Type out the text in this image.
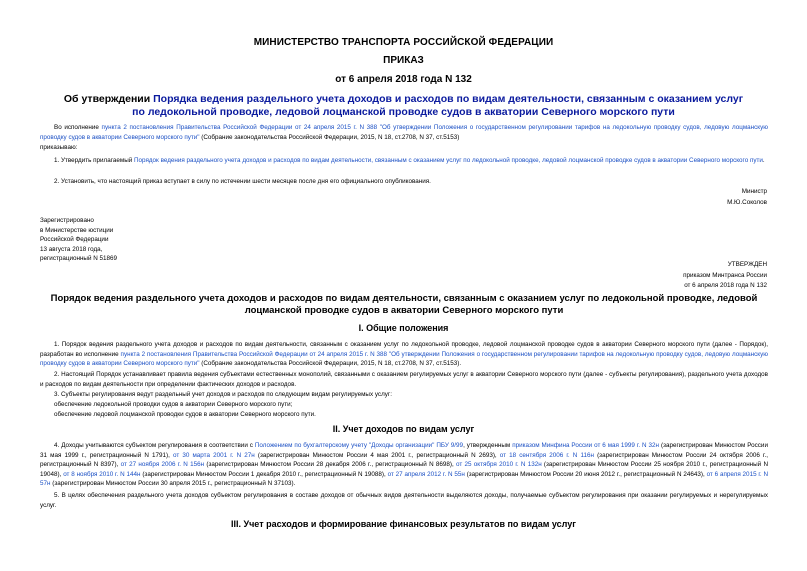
МИНИСТЕРСТВО ТРАНСПОРТА РОССИЙСКОЙ ФЕДЕРАЦИИ
ПРИКАЗ
от 6 апреля 2018 года N 132
Об утверждении Порядка ведения раздельного учета доходов и расходов по видам деятельности, связанным с оказанием услуг по ледокольной проводке, ледовой лоцманской проводке судов в акватории Северного морского пути
Во исполнение пункта 2 постановления Правительства Российской Федерации от 24 апреля 2015 г. N 388 "Об утверждении Положения о государственном регулировании тарифов на ледокольную проводку судов, ледовую лоцманскую проводку судов в акватории Северного морского пути" (Собрание законодательства Российской Федерации, 2015, N 18, ст.2708, N 37, ст.5153)
приказываю:
1. Утвердить прилагаемый Порядок ведения раздельного учета доходов и расходов по видам деятельности, связанным с оказанием услуг по ледокольной проводке, ледовой лоцманской проводке судов в акватории Северного морского пути.
2. Установить, что настоящий приказ вступает в силу по истечении шести месяцев после дня его официального опубликования.
Министр
М.Ю.Соколов
Зарегистрировано
в Министерстве юстиции
Российской Федерации
13 августа 2018 года,
регистрационный N 51869
УТВЕРЖДЕН
приказом Минтранса России
от 6 апреля 2018 года N 132
Порядок ведения раздельного учета доходов и расходов по видам деятельности, связанным с оказанием услуг по ледокольной проводке, ледовой лоцманской проводке судов в акватории Северного морского пути
I. Общие положения
1. Порядок ведения раздельного учета доходов и расходов по видам деятельности, связанным с оказанием услуг по ледокольной проводке, ледовой лоцманской проводке судов в акватории Северного морского пути (далее - Порядок), разработан во исполнение пункта 2 постановления Правительства Российской Федерации от 24 апреля 2015 г. N 388 "Об утверждении Положения о государственном регулировании тарифов на ледокольную проводку судов, ледовую лоцманскую проводку судов в акватории Северного морского пути" (Собрание законодательства Российской Федерации, 2015, N 18, ст.2708, N 37, ст.5153).
2. Настоящий Порядок устанавливает правила ведения субъектами естественных монополий, связанными с оказанием регулируемых услуг в акватории Северного морского пути (далее - субъекты регулирования), раздельного учета доходов и расходов по видам деятельности при определении фактических доходов и расходов.
3. Субъекты регулирования ведут раздельный учет доходов и расходов по следующим видам регулируемых услуг:
обеспечение ледокольной проводки судов в акватории Северного морского пути;
обеспечение ледовой лоцманской проводки судов в акватории Северного морского пути.
II. Учет доходов по видам услуг
4. Доходы учитываются субъектом регулирования в соответствии с Положением по бухгалтерскому учету "Доходы организации" ПБУ 9/99, утвержденным приказом Минфина России от 6 мая 1999 г. N 32н (зарегистрирован Минюстом России 31 мая 1999 г., регистрационный N 1791), от 30 марта 2001 г. N 27н (зарегистрирован Минюстом России 4 мая 2001 г., регистрационный N 2693), от 18 сентября 2006 г. N 116н (зарегистрирован Минюстом России 24 октября 2006 г., регистрационный N 8397), от 27 ноября 2006 г. N 156н (зарегистрирован Минюстом России 28 декабря 2006 г., регистрационный N 8698), от 25 октября 2010 г. N 132н (зарегистрирован Минюстом России 25 ноября 2010 г., регистрационный N 19048), от 8 ноября 2010 г. N 144н (зарегистрирован Минюстом России 1 декабря 2010 г., регистрационный N 19088), от 27 апреля 2012 г. N 55н (зарегистрирован Минюстом России 20 июня 2012 г., регистрационный N 24643), от 6 апреля 2015 г. N 57н (зарегистрирован Минюстом России 30 апреля 2015 г., регистрационный N 37103).
5. В целях обеспечения раздельного учета доходов субъектом регулирования в составе доходов от обычных видов деятельности выделяются доходы, получаемые субъектом регулирования при оказании регулируемых и нерегулируемых услуг.
III. Учет расходов и формирование финансовых результатов по видам услуг
